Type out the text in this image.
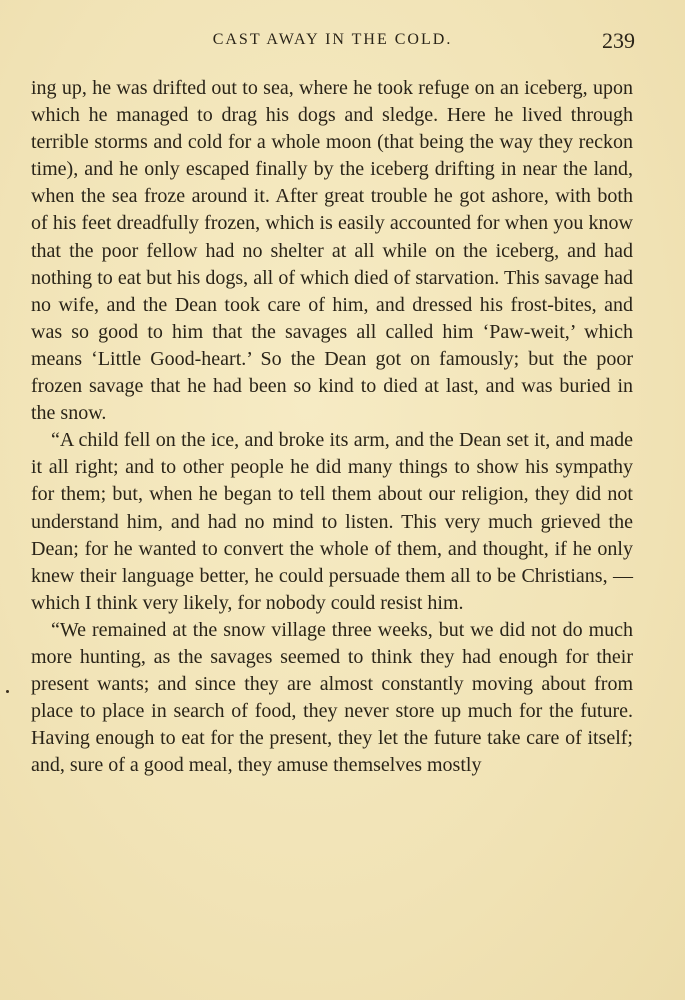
CAST AWAY IN THE COLD.	239

ing up, he was drifted out to sea, where he took refuge on an iceberg, upon which he managed to drag his dogs and sledge. Here he lived through terrible storms and cold for a whole moon (that being the way they reckon time), and he only escaped finally by the iceberg drifting in near the land, when the sea froze around it. After great trouble he got ashore, with both of his feet dreadfully frozen, which is easily accounted for when you know that the poor fellow had no shelter at all while on the iceberg, and had nothing to eat but his dogs, all of which died of starvation. This savage had no wife, and the Dean took care of him, and dressed his frost-bites, and was so good to him that the savages all called him ‘Paw-weit,’ which means ‘Little Good-heart.’ So the Dean got on famously; but the poor frozen savage that he had been so kind to died at last, and was buried in the snow.

“A child fell on the ice, and broke its arm, and the Dean set it, and made it all right; and to other people he did many things to show his sympathy for them; but, when he began to tell them about our religion, they did not understand him, and had no mind to listen. This very much grieved the Dean; for he wanted to convert the whole of them, and thought, if he only knew their language better, he could persuade them all to be Christians, — which I think very likely, for nobody could resist him.

“We remained at the snow village three weeks, but we did not do much more hunting, as the savages seemed to think they had enough for their present wants; and since they are almost constantly moving about from place to place in search of food, they never store up much for the future. Having enough to eat for the present, they let the future take care of itself; and, sure of a good meal, they amuse themselves mostly
